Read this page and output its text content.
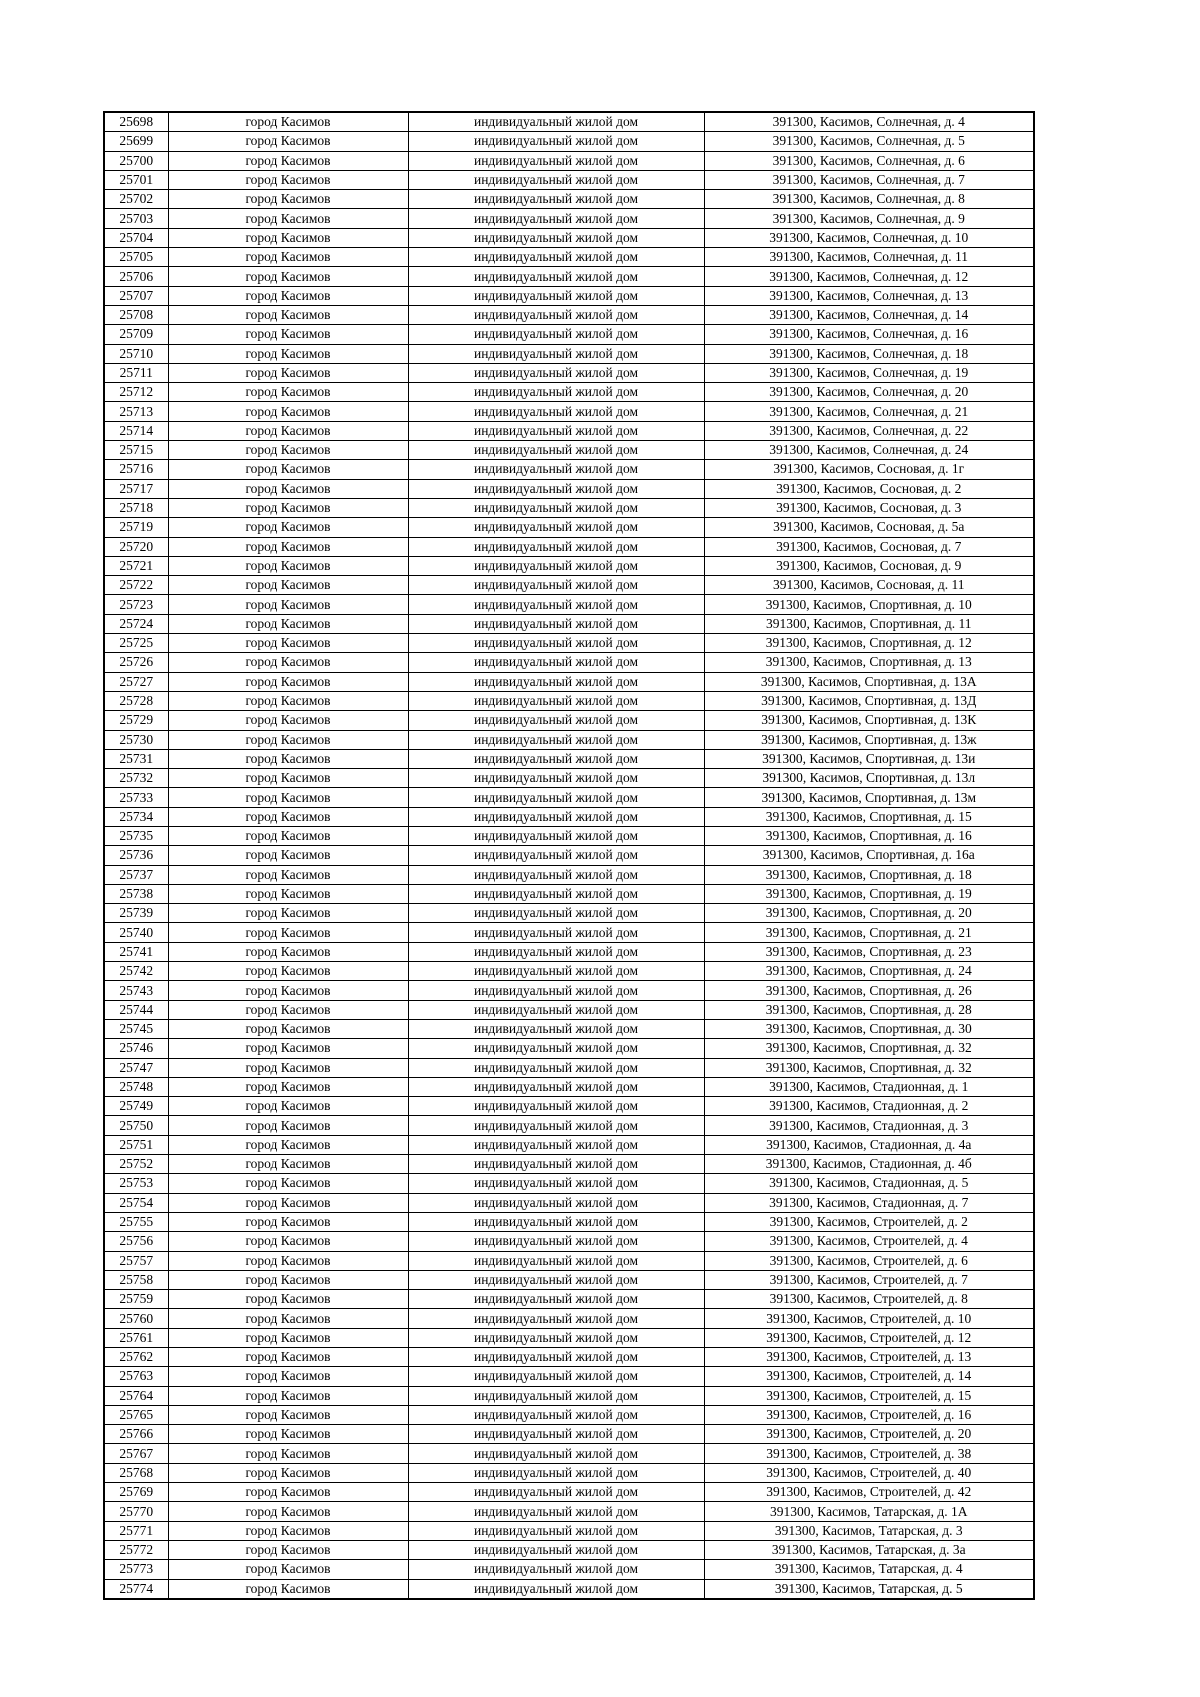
25698	город Касимов	индивидуальный жилой дом	391300, Касимов, Солнечная, д. 4
25699	город Касимов	индивидуальный жилой дом	391300, Касимов, Солнечная, д. 5
25700	город Касимов	индивидуальный жилой дом	391300, Касимов, Солнечная, д. 6
25701	город Касимов	индивидуальный жилой дом	391300, Касимов, Солнечная, д. 7
25702	город Касимов	индивидуальный жилой дом	391300, Касимов, Солнечная, д. 8
25703	город Касимов	индивидуальный жилой дом	391300, Касимов, Солнечная, д. 9
25704	город Касимов	индивидуальный жилой дом	391300, Касимов, Солнечная, д. 10
25705	город Касимов	индивидуальный жилой дом	391300, Касимов, Солнечная, д. 11
25706	город Касимов	индивидуальный жилой дом	391300, Касимов, Солнечная, д. 12
25707	город Касимов	индивидуальный жилой дом	391300, Касимов, Солнечная, д. 13
25708	город Касимов	индивидуальный жилой дом	391300, Касимов, Солнечная, д. 14
25709	город Касимов	индивидуальный жилой дом	391300, Касимов, Солнечная, д. 16
25710	город Касимов	индивидуальный жилой дом	391300, Касимов, Солнечная, д. 18
25711	город Касимов	индивидуальный жилой дом	391300, Касимов, Солнечная, д. 19
25712	город Касимов	индивидуальный жилой дом	391300, Касимов, Солнечная, д. 20
25713	город Касимов	индивидуальный жилой дом	391300, Касимов, Солнечная, д. 21
25714	город Касимов	индивидуальный жилой дом	391300, Касимов, Солнечная, д. 22
25715	город Касимов	индивидуальный жилой дом	391300, Касимов, Солнечная, д. 24
25716	город Касимов	индивидуальный жилой дом	391300, Касимов, Сосновая, д. 1г
25717	город Касимов	индивидуальный жилой дом	391300, Касимов, Сосновая, д. 2
25718	город Касимов	индивидуальный жилой дом	391300, Касимов, Сосновая, д. 3
25719	город Касимов	индивидуальный жилой дом	391300, Касимов, Сосновая, д. 5а
25720	город Касимов	индивидуальный жилой дом	391300, Касимов, Сосновая, д. 7
25721	город Касимов	индивидуальный жилой дом	391300, Касимов, Сосновая, д. 9
25722	город Касимов	индивидуальный жилой дом	391300, Касимов, Сосновая, д. 11
25723	город Касимов	индивидуальный жилой дом	391300, Касимов, Спортивная, д. 10
25724	город Касимов	индивидуальный жилой дом	391300, Касимов, Спортивная, д. 11
25725	город Касимов	индивидуальный жилой дом	391300, Касимов, Спортивная, д. 12
25726	город Касимов	индивидуальный жилой дом	391300, Касимов, Спортивная, д. 13
25727	город Касимов	индивидуальный жилой дом	391300, Касимов, Спортивная, д. 13А
25728	город Касимов	индивидуальный жилой дом	391300, Касимов, Спортивная, д. 13Д
25729	город Касимов	индивидуальный жилой дом	391300, Касимов, Спортивная, д. 13К
25730	город Касимов	индивидуальный жилой дом	391300, Касимов, Спортивная, д. 13ж
25731	город Касимов	индивидуальный жилой дом	391300, Касимов, Спортивная, д. 13и
25732	город Касимов	индивидуальный жилой дом	391300, Касимов, Спортивная, д. 13л
25733	город Касимов	индивидуальный жилой дом	391300, Касимов, Спортивная, д. 13м
25734	город Касимов	индивидуальный жилой дом	391300, Касимов, Спортивная, д. 15
25735	город Касимов	индивидуальный жилой дом	391300, Касимов, Спортивная, д. 16
25736	город Касимов	индивидуальный жилой дом	391300, Касимов, Спортивная, д. 16а
25737	город Касимов	индивидуальный жилой дом	391300, Касимов, Спортивная, д. 18
25738	город Касимов	индивидуальный жилой дом	391300, Касимов, Спортивная, д. 19
25739	город Касимов	индивидуальный жилой дом	391300, Касимов, Спортивная, д. 20
25740	город Касимов	индивидуальный жилой дом	391300, Касимов, Спортивная, д. 21
25741	город Касимов	индивидуальный жилой дом	391300, Касимов, Спортивная, д. 23
25742	город Касимов	индивидуальный жилой дом	391300, Касимов, Спортивная, д. 24
25743	город Касимов	индивидуальный жилой дом	391300, Касимов, Спортивная, д. 26
25744	город Касимов	индивидуальный жилой дом	391300, Касимов, Спортивная, д. 28
25745	город Касимов	индивидуальный жилой дом	391300, Касимов, Спортивная, д. 30
25746	город Касимов	индивидуальный жилой дом	391300, Касимов, Спортивная, д. 32
25747	город Касимов	индивидуальный жилой дом	391300, Касимов, Спортивная, д. 32
25748	город Касимов	индивидуальный жилой дом	391300, Касимов, Стадионная, д. 1
25749	город Касимов	индивидуальный жилой дом	391300, Касимов, Стадионная, д. 2
25750	город Касимов	индивидуальный жилой дом	391300, Касимов, Стадионная, д. 3
25751	город Касимов	индивидуальный жилой дом	391300, Касимов, Стадионная, д. 4а
25752	город Касимов	индивидуальный жилой дом	391300, Касимов, Стадионная, д. 4б
25753	город Касимов	индивидуальный жилой дом	391300, Касимов, Стадионная, д. 5
25754	город Касимов	индивидуальный жилой дом	391300, Касимов, Стадионная, д. 7
25755	город Касимов	индивидуальный жилой дом	391300, Касимов, Строителей, д. 2
25756	город Касимов	индивидуальный жилой дом	391300, Касимов, Строителей, д. 4
25757	город Касимов	индивидуальный жилой дом	391300, Касимов, Строителей, д. 6
25758	город Касимов	индивидуальный жилой дом	391300, Касимов, Строителей, д. 7
25759	город Касимов	индивидуальный жилой дом	391300, Касимов, Строителей, д. 8
25760	город Касимов	индивидуальный жилой дом	391300, Касимов, Строителей, д. 10
25761	город Касимов	индивидуальный жилой дом	391300, Касимов, Строителей, д. 12
25762	город Касимов	индивидуальный жилой дом	391300, Касимов, Строителей, д. 13
25763	город Касимов	индивидуальный жилой дом	391300, Касимов, Строителей, д. 14
25764	город Касимов	индивидуальный жилой дом	391300, Касимов, Строителей, д. 15
25765	город Касимов	индивидуальный жилой дом	391300, Касимов, Строителей, д. 16
25766	город Касимов	индивидуальный жилой дом	391300, Касимов, Строителей, д. 20
25767	город Касимов	индивидуальный жилой дом	391300, Касимов, Строителей, д. 38
25768	город Касимов	индивидуальный жилой дом	391300, Касимов, Строителей, д. 40
25769	город Касимов	индивидуальный жилой дом	391300, Касимов, Строителей, д. 42
25770	город Касимов	индивидуальный жилой дом	391300, Касимов, Татарская, д. 1А
25771	город Касимов	индивидуальный жилой дом	391300, Касимов, Татарская, д. 3
25772	город Касимов	индивидуальный жилой дом	391300, Касимов, Татарская, д. 3а
25773	город Касимов	индивидуальный жилой дом	391300, Касимов, Татарская, д. 4
25774	город Касимов	индивидуальный жилой дом	391300, Касимов, Татарская, д. 5
